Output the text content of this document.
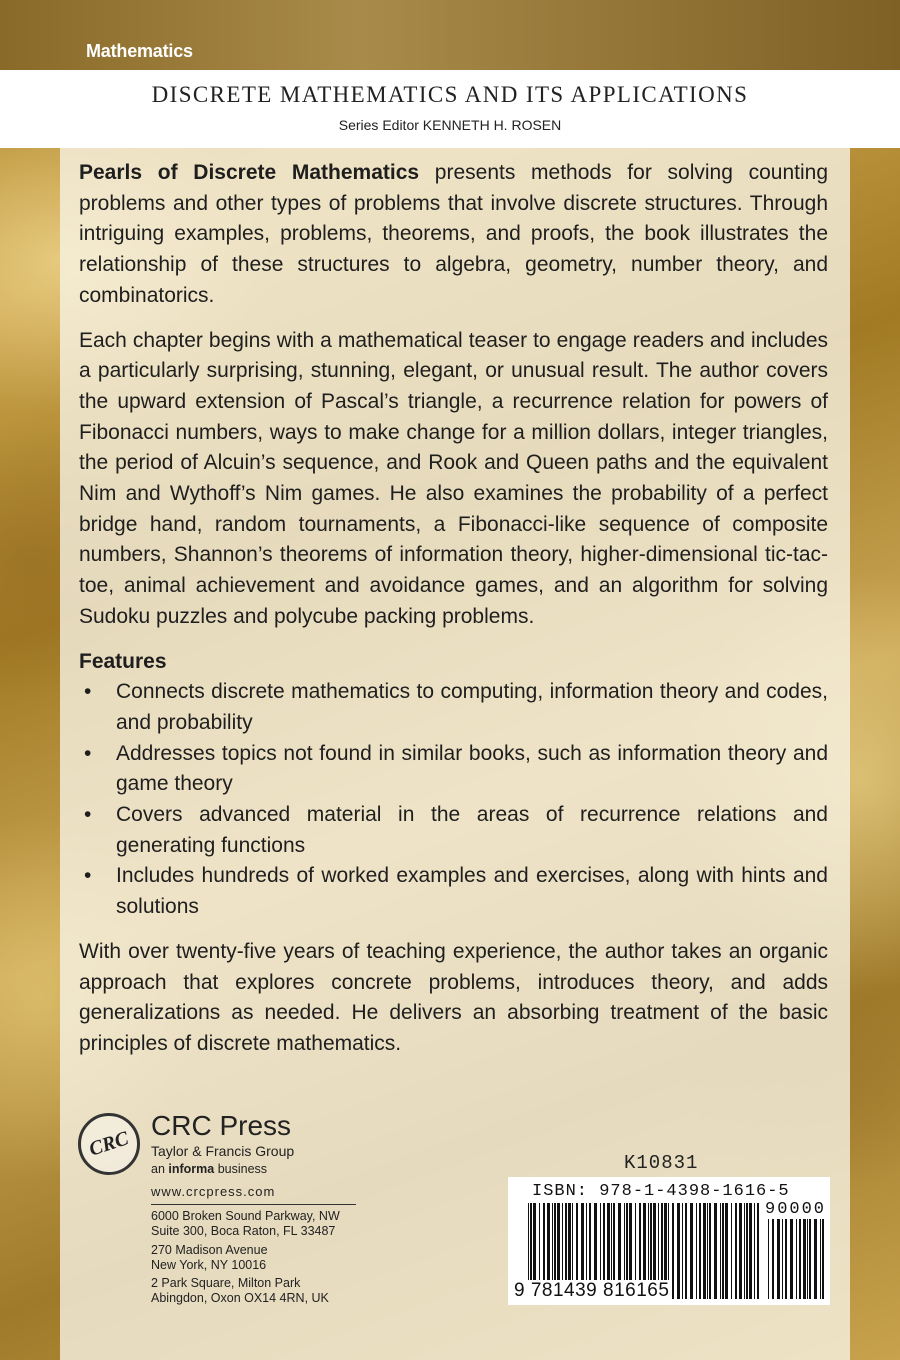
Mathematics
DISCRETE MATHEMATICS AND ITS APPLICATIONS
Series Editor KENNETH H. ROSEN

Pearls of Discrete Mathematics presents methods for solving counting problems and other types of problems that involve discrete structures. Through intriguing examples, problems, theorems, and proofs, the book illustrates the relationship of these structures to algebra, geometry, number theory, and combinatorics.

Each chapter begins with a mathematical teaser to engage readers and includes a particularly surprising, stunning, elegant, or unusual result. The author covers the upward extension of Pascal’s triangle, a recurrence relation for powers of Fibonacci numbers, ways to make change for a million dollars, integer triangles, the period of Alcuin’s sequence, and Rook and Queen paths and the equivalent Nim and Wythoff’s Nim games. He also examines the probability of a perfect bridge hand, random tournaments, a Fibonacci-like sequence of composite numbers, Shannon’s theorems of information theory, higher-dimensional tic-tac-toe, animal achievement and avoidance games, and an algorithm for solving Sudoku puzzles and polycube packing problems.

Features
• Connects discrete mathematics to computing, information theory and codes, and probability
• Addresses topics not found in similar books, such as information theory and game theory
• Covers advanced material in the areas of recurrence relations and generating functions
• Includes hundreds of worked examples and exercises, along with hints and solutions

With over twenty-five years of teaching experience, the author takes an organic approach that explores concrete problems, introduces theory, and adds generalizations as needed. He delivers an absorbing treatment of the basic principles of discrete mathematics.

CRC
CRC Press
Taylor & Francis Group
an informa business
www.crcpress.com
6000 Broken Sound Parkway, NW
Suite 300, Boca Raton, FL 33487
270 Madison Avenue
New York, NY 10016
2 Park Square, Milton Park
Abingdon, Oxon OX14 4RN, UK
K10831
ISBN: 978-1-4398-1616-5
90000
9 781439 816165
